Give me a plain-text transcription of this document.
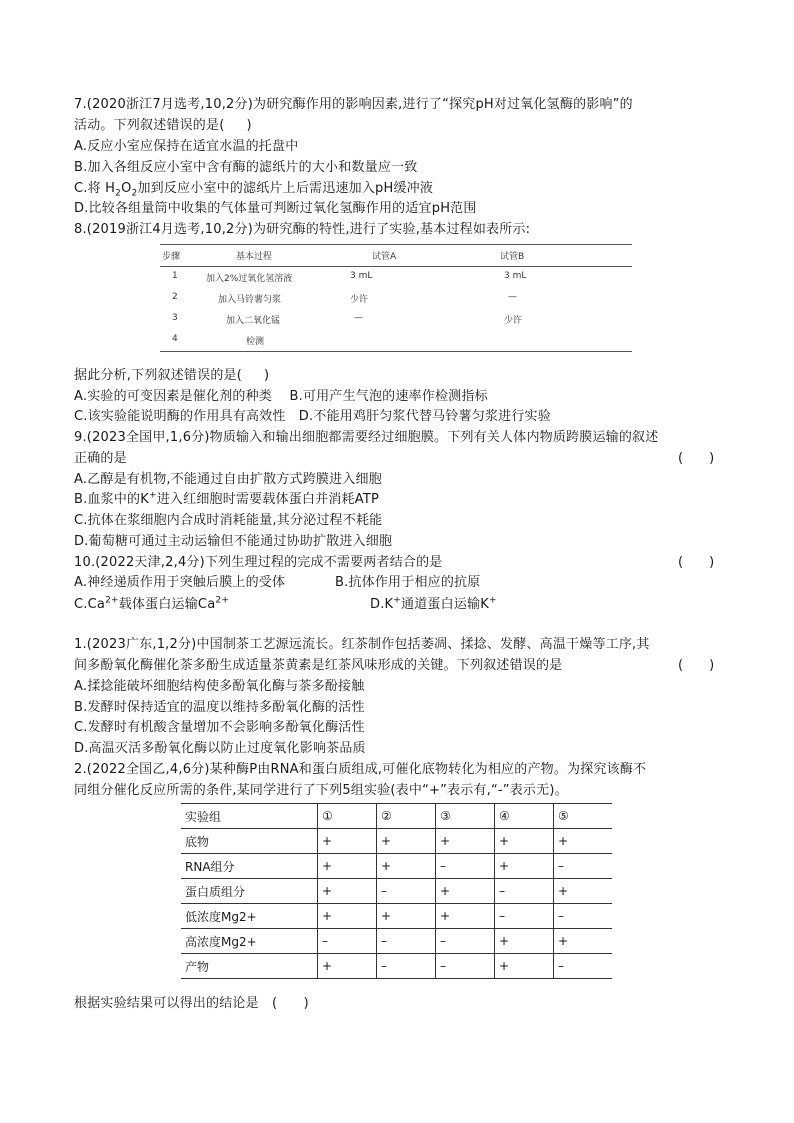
7.(2020浙江7月选考,10,2分)为研究酶作用的影响因素,进行了“探究pH对过氧化氢酶的影响”的
活动。下列叙述错误的是( )
A.反应小室应保持在适宜水温的托盘中
B.加入各组反应小室中含有酶的滤纸片的大小和数量应一致
C.将 $H_2O_2$加到反应小室中的滤纸片上后需迅速加入pH缓冲液
D.比较各组量筒中收集的气体量可判断过氧化氢酶作用的适宜pH范围
8.(2019浙江4月选考,10,2分)为研究酶的特性,进行了实验,基本过程如表所示:
步骤	基本过程	试管A	试管B
1	加入2%过氧化氢溶液	3 mL	3 mL
2	加入马铃薯匀浆	少许	—
3	加入二氧化锰	—	少许
4	检测
据此分析,下列叙述错误的是( )
A.实验的可变因素是催化剂的种类　 B.可用产生气泡的速率作检测指标
C.该实验能说明酶的作用具有高效性　D.不能用鸡肝匀浆代替马铃薯匀浆进行实验
9.(2023全国甲,1,6分)物质输入和输出细胞都需要经过细胞膜。下列有关人体内物质跨膜运输的叙述
正确的是	(　　)
A.乙醇是有机物,不能通过自由扩散方式跨膜进入细胞
B.血浆中的K+进入红细胞时需要载体蛋白并消耗ATP
C.抗体在浆细胞内合成时消耗能量,其分泌过程不耗能
D.葡萄糖可通过主动运输但不能通过协助扩散进入细胞
10.(2022天津,2,4分)下列生理过程的完成不需要两者结合的是	(　　)
A.神经递质作用于突触后膜上的受体	B.抗体作用于相应的抗原
$C.Ca^{2+}$载体蛋白运输$Ca^{2+}$	D.K+通道蛋白运输K+
1.(2023广东,1,2分)中国制茶工艺源远流长。红茶制作包括萎凋、揉捻、发酵、高温干燥等工序,其
间多酚氧化酶催化茶多酚生成适量茶黄素是红茶风味形成的关键。下列叙述错误的是	(　　)
A.揉捻能破坏细胞结构使多酚氧化酶与茶多酚接触
B.发酵时保持适宜的温度以维持多酚氧化酶的活性
C.发酵时有机酸含量增加不会影响多酚氧化酶活性
D.高温灭活多酚氧化酶以防止过度氧化影响茶品质
2.(2022全国乙,4,6分)某种酶P由RNA和蛋白质组成,可催化底物转化为相应的产物。为探究该酶不
同组分催化反应所需的条件,某同学进行了下列5组实验(表中“+”表示有,“-”表示无)。
实验组	①	②	③	④	⑤
底物	+	+	+	+	+
RNA组分	+	+	–	+	–
蛋白质组分	+	–	+	–	+
低浓度Mg2+	+	+	+	–	–
高浓度Mg2+	–	–	–	+	+
产物	+	–	–	+	–
根据实验结果可以得出的结论是　(　　)
